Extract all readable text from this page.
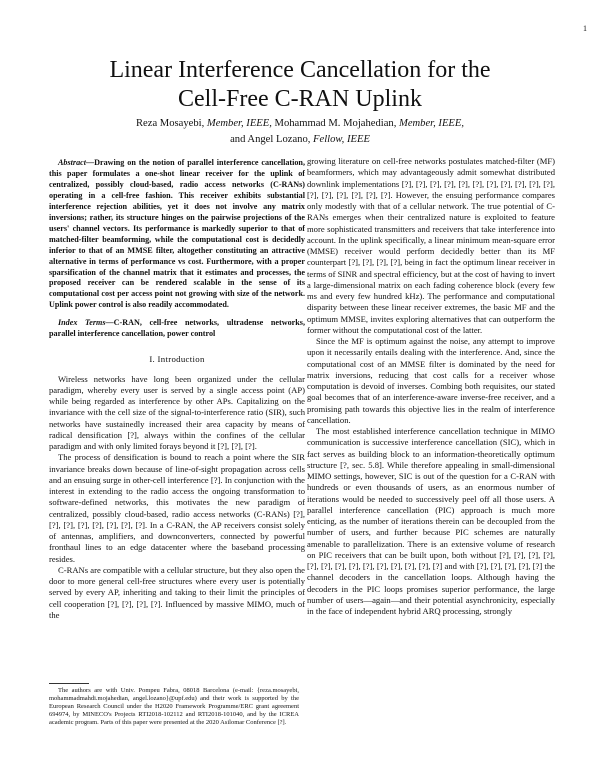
1
Linear Interference Cancellation for the
Cell-Free C-RAN Uplink
Reza Mosayebi, Member, IEEE, Mohammad M. Mojahedian, Member, IEEE,
and Angel Lozano, Fellow, IEEE

Abstract—Drawing on the notion of parallel interference cancellation, this paper formulates a one-shot linear receiver for the uplink of centralized, possibly cloud-based, radio access networks (C-RANs) operating in a cell-free fashion. This receiver exhibits substantial interference rejection abilities, yet it does not involve any matrix inversions; rather, its structure hinges on the pairwise projections of the users' channel vectors. Its performance is markedly superior to that of matched-filter beamforming, while the computational cost is decidedly inferior to that of an MMSE filter, altogether constituting an attractive alternative in terms of performance vs cost. Furthermore, with a proper sparsification of the channel matrix that it estimates and processes, the proposed receiver can be rendered scalable in the sense of its computational cost per access point not growing with size of the network. Uplink power control is also readily accommodated.

Index Terms—C-RAN, cell-free networks, ultradense networks, parallel interference cancellation, power control

I. Introduction

Wireless networks have long been organized under the cellular paradigm, whereby every user is served by a single access point (AP) while being regarded as interference by other APs. Capitalizing on the invariance with the cell size of the signal-to-interference ratio (SIR), such networks have sustainedly increased their area capacity by means of radical densification [?], always within the confines of the cellular paradigm and with only limited forays beyond it [?], [?], [?].

The process of densification is bound to reach a point where the SIR invariance breaks down because of line-of-sight propagation across cells and an ensuing surge in other-cell interference [?]. In conjunction with the interest in extending to the radio access the ongoing transformation to software-defined networks, this motivates the new paradigm of centralized, possibly cloud-based, radio access networks (C-RANs) [?], [?], [?], [?], [?], [?], [?], [?]. In a C-RAN, the AP receivers consist solely of antennas, amplifiers, and downconverters, connected by powerful fronthaul lines to an edge datacenter where the baseband processing resides.

C-RANs are compatible with a cellular structure, but they also open the door to more general cell-free structures where every user is potentially served by every AP, inheriting and taking to their limit the principles of cell cooperation [?], [?], [?], [?]. Influenced by massive MIMO, much of the

growing literature on cell-free networks postulates matched-filter (MF) beamformers, which may advantageously admit somewhat distributed downlink implementations [?], [?], [?], [?], [?], [?], [?], [?], [?], [?], [?], [?], [?], [?], [?], [?], [?]. However, the ensuing performance compares only modestly with that of a cellular network. The true potential of C-RANs emerges when their centralized nature is exploited to feature more sophisticated transmitters and receivers that take interference into account. In the uplink specifically, a linear minimum mean-square error (MMSE) receiver would perform decidedly better than its MF counterpart [?], [?], [?], [?], being in fact the optimum linear receiver in terms of SINR and spectral efficiency, but at the cost of having to invert a large-dimensional matrix on each fading coherence block (every few ms and every few hundred kHz). The performance and computational disparity between these linear receiver extremes, the basic MF and the optimum MMSE, invites exploring alternatives that can outperform the former without the computational cost of the latter.

Since the MF is optimum against the noise, any attempt to improve upon it necessarily entails dealing with the interference. And, since the computational cost of an MMSE filter is dominated by the need for matrix inversions, reducing that cost calls for a receiver whose computation is devoid of inverses. Combing both requisites, our stated goal becomes that of an interference-aware inverse-free receiver, and a promising path towards this objective lies in the realm of interference cancellation.

The most established interference cancellation technique in MIMO communication is successive interference cancellation (SIC), which in fact serves as building block to an information-theoretically optimum structure [?, sec. 5.8]. While therefore appealing in small-dimensional MIMO settings, however, SIC is out of the question for a C-RAN with hundreds or even thousands of users, as an enormous number of iterations would be needed to successively peel off all those users. A parallel interference cancellation (PIC) approach is much more enticing, as the number of iterations therein can be decoupled from the number of users, and further because PIC schemes are naturally amenable to parallelization. There is an extensive volume of research on PIC receivers that can be built upon, both without [?], [?], [?], [?], [?], [?], [?], [?], [?], [?], [?], [?], [?], [?] and with [?], [?], [?], [?], [?] the channel decoders in the cancellation loops. Although having the decoders in the PIC loops promises superior performance, the large number of users—again—and their potential asynchronicity, especially in the face of independent hybrid ARQ processing, strongly

The authors are with Univ. Pompeu Fabra, 08018 Barcelona (e-mail: {reza.mosayebi, mohammadmahdi.mojahedian, angel.lozano}@upf.edu) and their work is supported by the European Research Council under the H2020 Framework Programme/ERC grant agreement 694974, by MINECO's Projects RTI2018-102112 and RTI2018-101040, and by the ICREA academic program. Parts of this paper were presented at the 2020 Asilomar Conference [?].
